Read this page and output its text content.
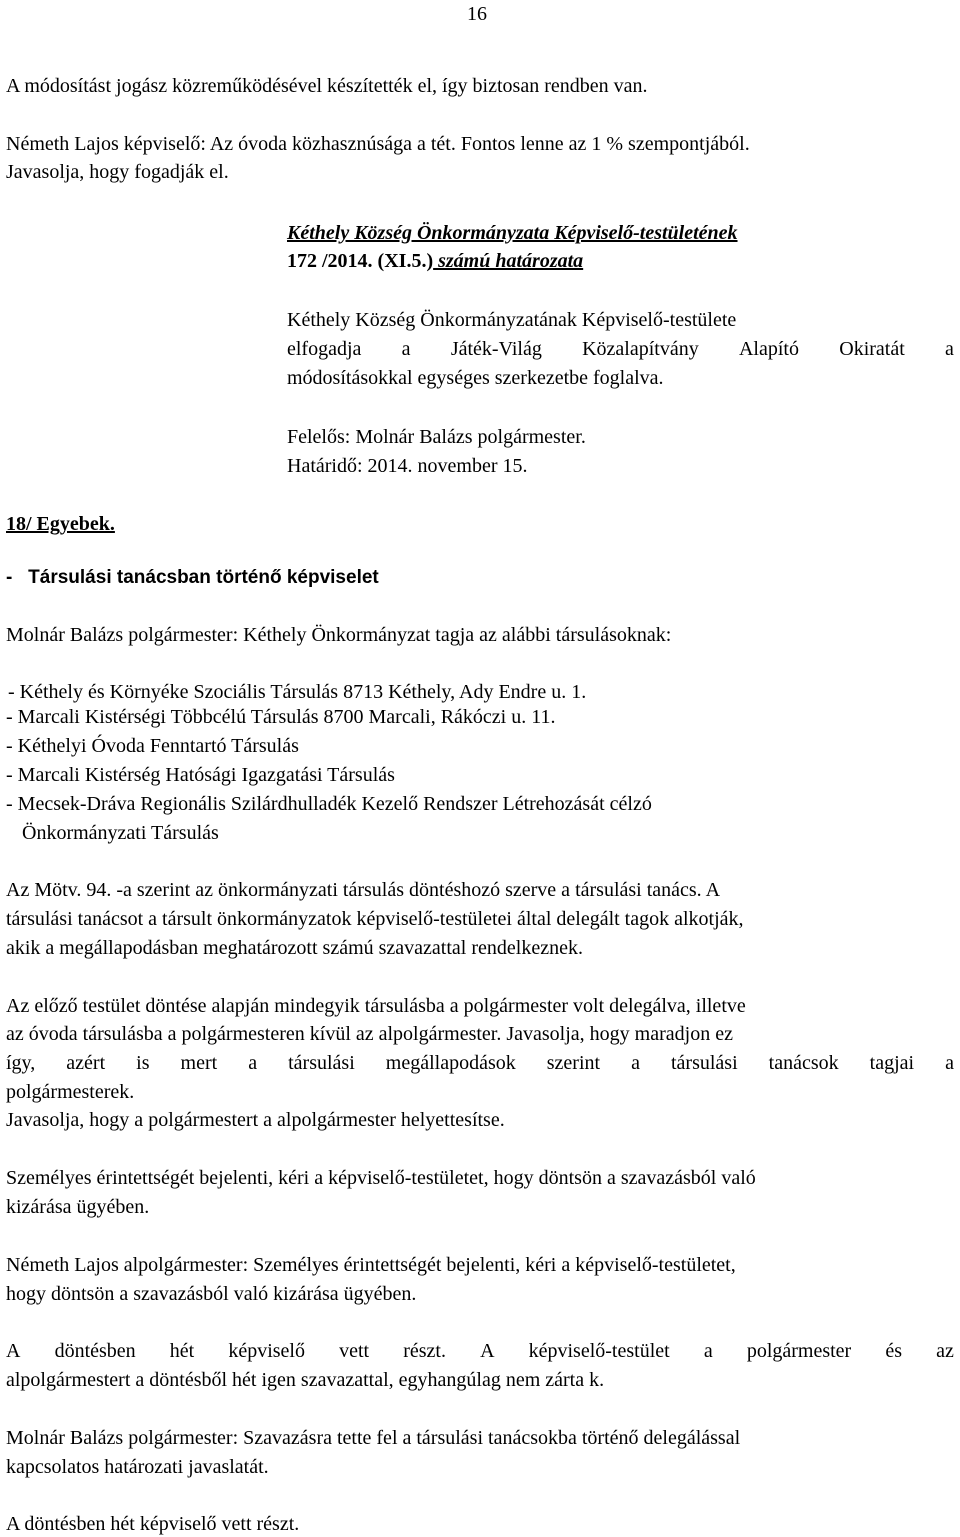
16
A módosítást jogász közreműködésével készítették el, így biztosan rendben van.
Németh Lajos képviselő: Az óvoda közhasznúsága a tét. Fontos lenne az 1 % szempontjából.
Javasolja, hogy fogadják el.
Kéthely Község Önkormányzata Képviselő-testületének
172 /2014. (XI.5.) számú határozata
Kéthely Község Önkormányzatának Képviselő-testülete
elfogadja a Játék-Világ Közalapítvány Alapító Okiratát a
módosításokkal egységes szerkezetbe foglalva.
Felelős: Molnár Balázs polgármester.
Határidő: 2014. november 15.
18/ Egyebek.
-   Társulási tanácsban történő képviselet
Molnár Balázs polgármester: Kéthely Önkormányzat tagja az alábbi társulásoknak:
- Kéthely és Környéke Szociális Társulás 8713 Kéthely, Ady Endre u. 1.
- Marcali Kistérségi Többcélú Társulás 8700 Marcali, Rákóczi u. 11.
- Kéthelyi Óvoda Fenntartó Társulás
- Marcali Kistérség Hatósági Igazgatási Társulás
- Mecsek-Dráva Regionális Szilárdhulladék Kezelő Rendszer Létrehozását célzó
Önkormányzati Társulás
Az Mötv. 94. -a szerint az önkormányzati társulás döntéshozó szerve a társulási tanács. A
társulási tanácsot a társult önkormányzatok képviselő-testületei által delegált tagok alkotják,
akik a megállapodásban meghatározott számú szavazattal rendelkeznek.
Az előző testület döntése alapján mindegyik társulásba a polgármester volt delegálva, illetve
az óvoda társulásba a polgármesteren kívül az alpolgármester. Javasolja, hogy maradjon ez
így, azért is mert a társulási megállapodások szerint a társulási tanácsok tagjai a
polgármesterek.
Javasolja, hogy a polgármestert a alpolgármester helyettesítse.
Személyes érintettségét bejelenti, kéri a képviselő-testületet, hogy döntsön a szavazásból való
kizárása ügyében.
Németh Lajos alpolgármester: Személyes érintettségét bejelenti, kéri a képviselő-testületet,
hogy döntsön a szavazásból való kizárása ügyében.
A döntésben hét képviselő vett részt. A képviselő-testület a polgármester és az
alpolgármestert a döntésből hét igen szavazattal, egyhangúlag nem zárta k.
Molnár Balázs polgármester: Szavazásra tette fel a társulási tanácsokba történő delegálással
kapcsolatos határozati javaslatát.
A döntésben hét képviselő vett részt.
